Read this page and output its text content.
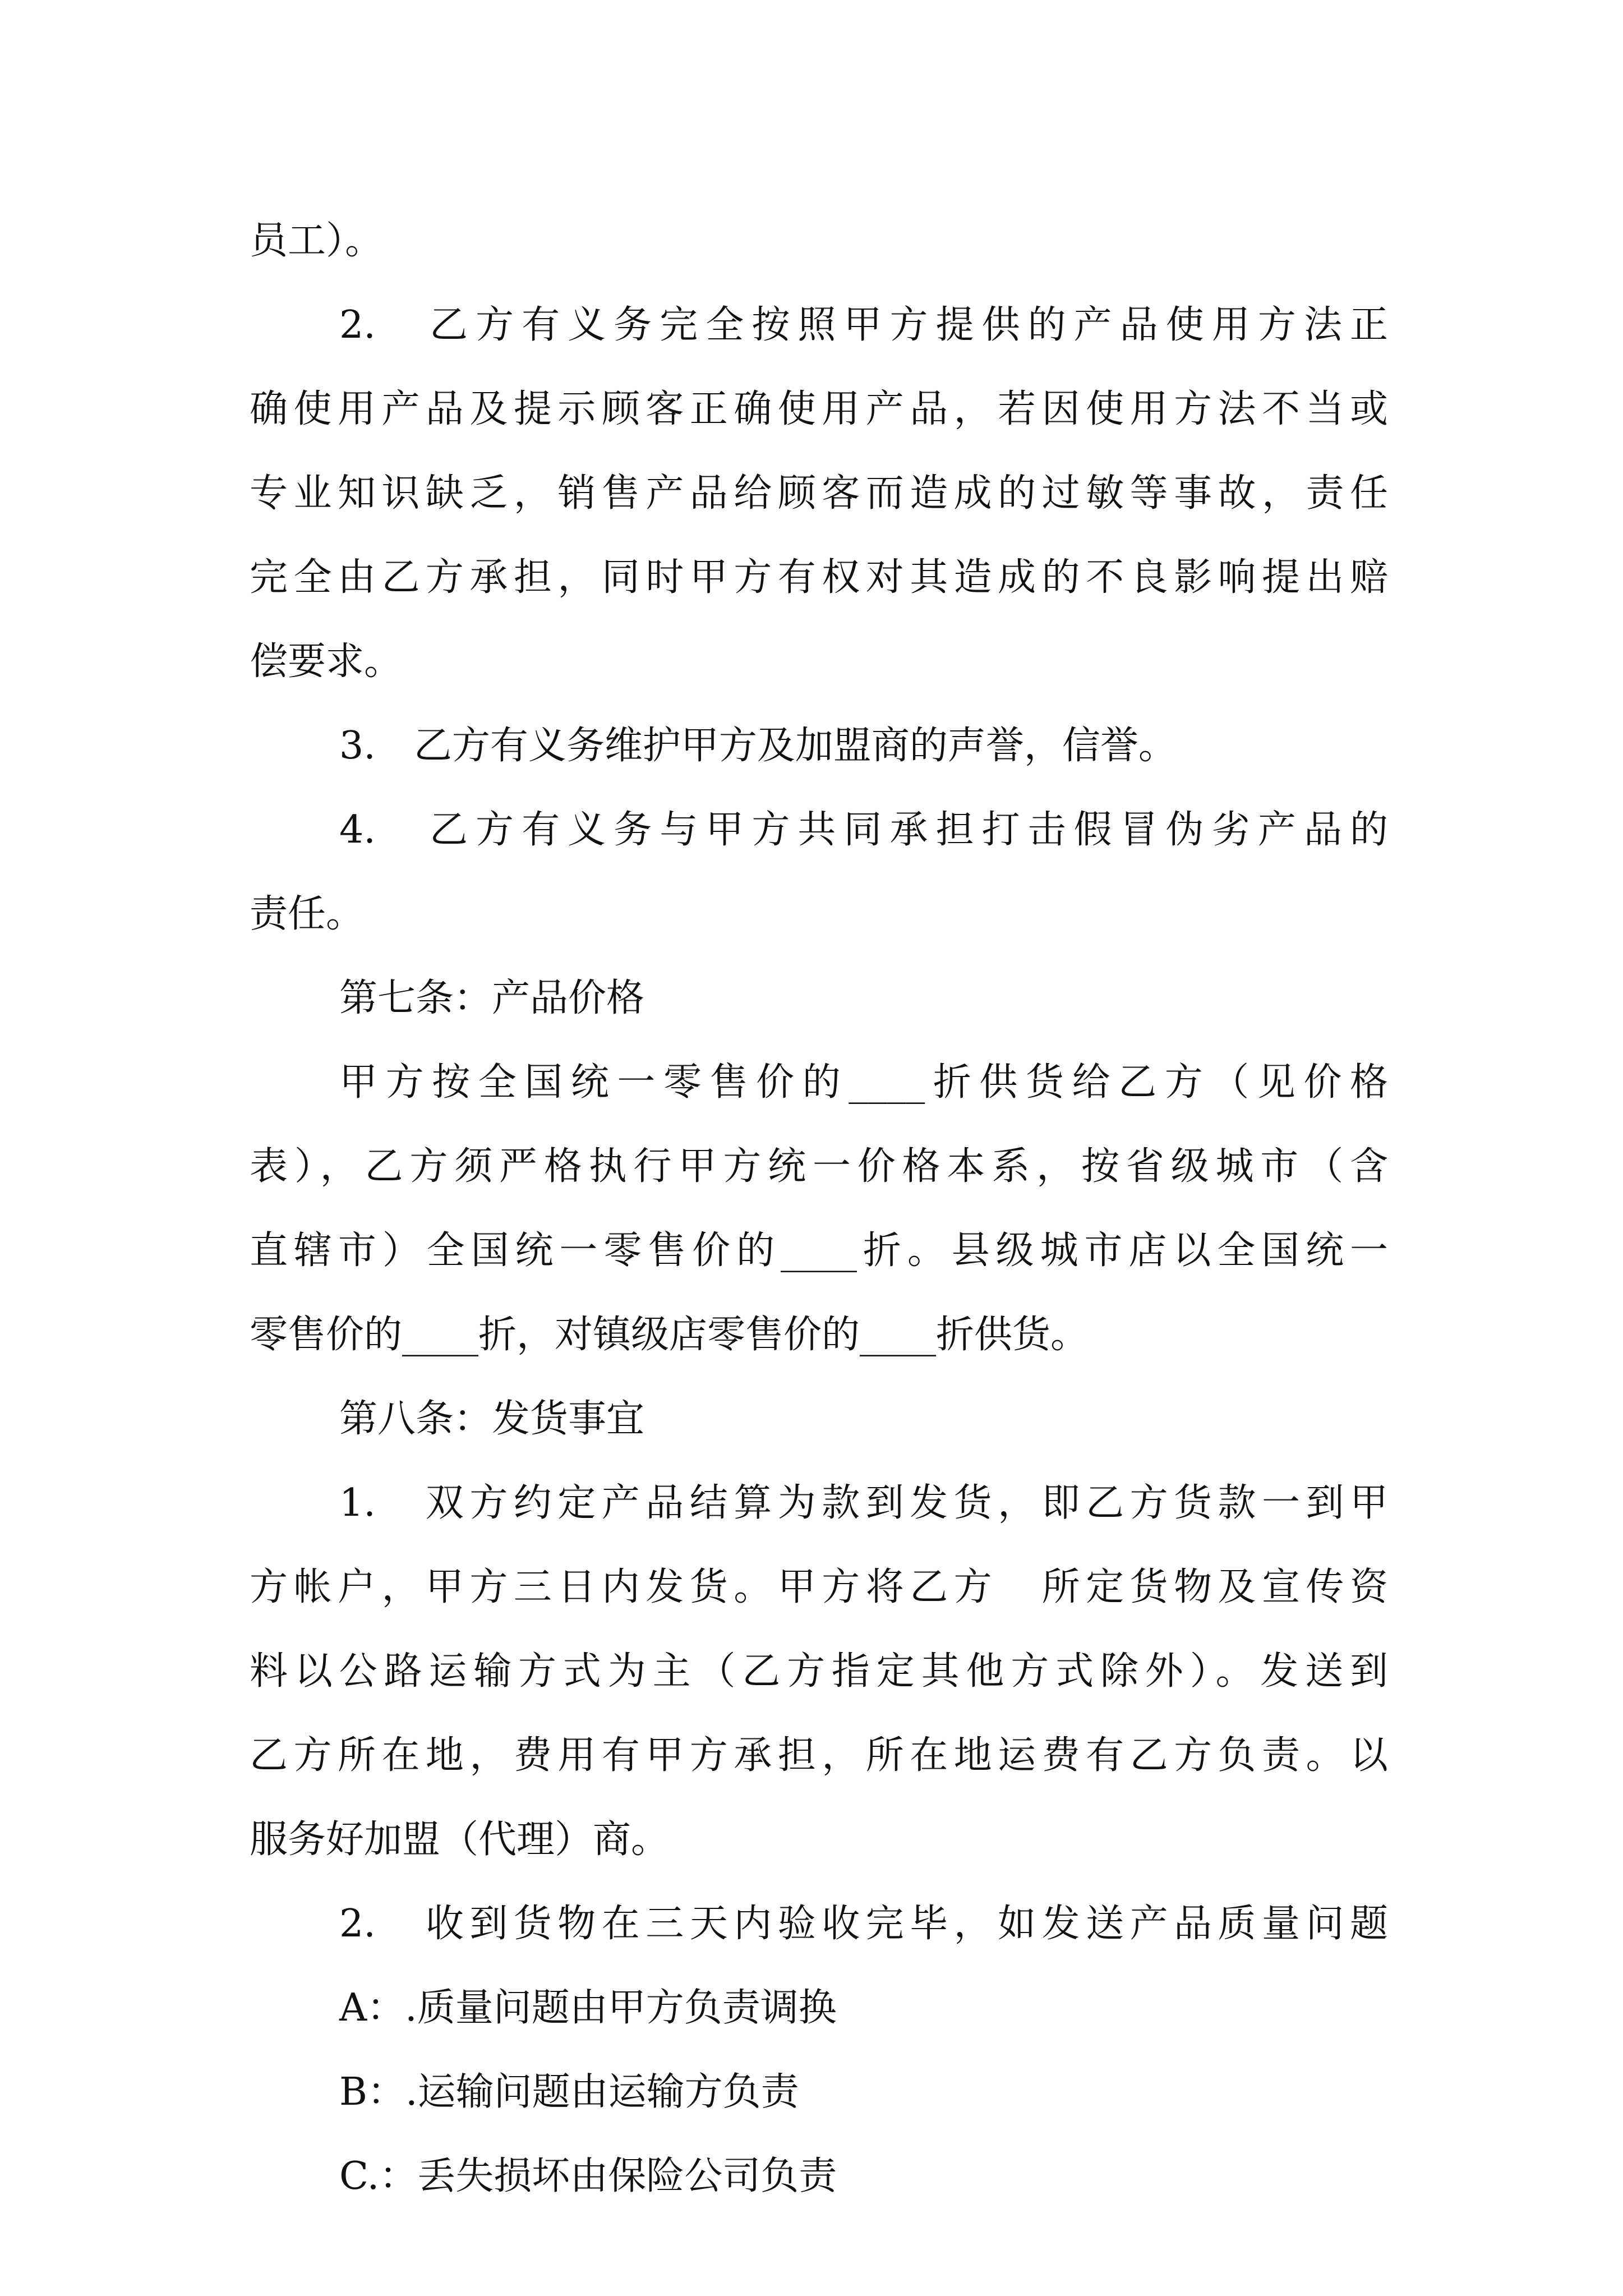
员工）。
2.　乙方有义务完全按照甲方提供的产品使用方法正
确使用产品及提示顾客正确使用产品，若因使用方法不当或
专业知识缺乏，销售产品给顾客而造成的过敏等事故，责任
完全由乙方承担，同时甲方有权对其造成的不良影响提出赔
偿要求。
3.　乙方有义务维护甲方及加盟商的声誉，信誉。
4.　乙方有义务与甲方共同承担打击假冒伪劣产品的
责任。
第七条：产品价格
甲方按全国统一零售价的____折供货给乙方（见价格
表），乙方须严格执行甲方统一价格本系，按省级城市（含
直辖市）全国统一零售价的____折。县级城市店以全国统一
零售价的____折，对镇级店零售价的____折供货。
第八条：发货事宜
1.　双方约定产品结算为款到发货，即乙方货款一到甲
方帐户，甲方三日内发货。甲方将乙方　所定货物及宣传资
料以公路运输方式为主（乙方指定其他方式除外）。发送到
乙方所在地，费用有甲方承担，所在地运费有乙方负责。以
服务好加盟（代理）商。
2.　收到货物在三天内验收完毕，如发送产品质量问题
A：.质量问题由甲方负责调换
B：.运输问题由运输方负责
C.：丢失损坏由保险公司负责
